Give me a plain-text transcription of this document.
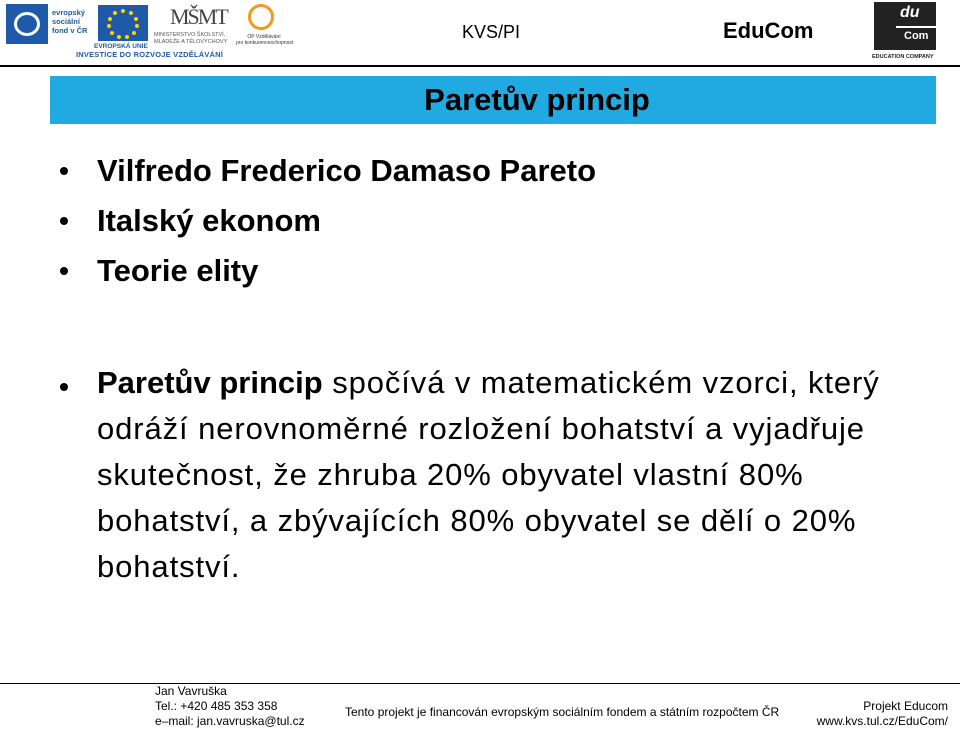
evropský
sociální
fond v ČR
EVROPSKÁ UNIE
MŠMT
MINISTERSTVO ŠKOLSTVÍ,
MLÁDEŽE A TĚLOVÝCHOVY
OP Vzdělávání
pro konkurenceschopnost
INVESTICE DO ROZVOJE VZDĚLÁVÁNÍ
KVS/PI	EduCom
du
Com
EDUCATION COMPANY
Paretův princip
Vilfredo Frederico Damaso Pareto
Italský ekonom
Teorie elity
Paretův princip spočívá v matematickém vzorci, který odráží nerovnoměrné rozložení bohatství a vyjadřuje skutečnost, že zhruba 20% obyvatel vlastní 80% bohatství, a zbývajících 80% obyvatel se dělí o 20% bohatství.
Jan Vavruška
Tel.: +420 485 353 358
e–mail: jan.vavruska@tul.cz
Tento projekt je financován evropským sociálním fondem a státním rozpočtem ČR	Projekt Educom
www.kvs.tul.cz/EduCom/
